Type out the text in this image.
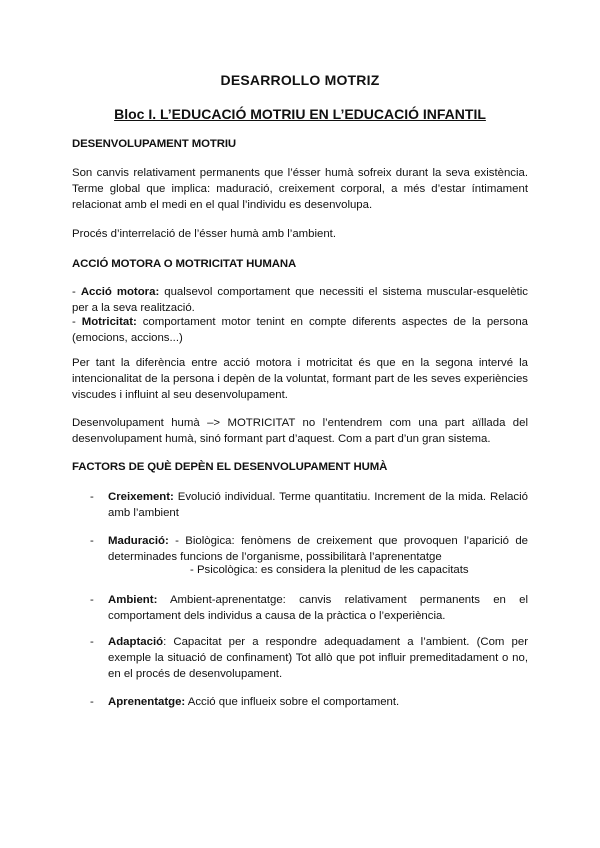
DESARROLLO MOTRIZ
Bloc I. L’EDUCACIÓ MOTRIU EN L’EDUCACIÓ INFANTIL
DESENVOLUPAMENT MOTRIU
Son canvis relativament permanents que l’ésser humà sofreix durant la seva existència. Terme global que implica: maduració, creixement corporal, a més d’estar íntimament relacionat amb el medi en el qual l’individu es desenvolupa.
Procés d’interrelació de l’ésser humà amb l’ambient.
ACCIÓ MOTORA O MOTRICITAT HUMANA
- Acció motora: qualsevol comportament que necessiti el sistema muscular-esquelètic per a la seva realització.
- Motricitat: comportament motor tenint en compte diferents aspectes de la persona (emocions, accions...)
Per tant la diferència entre acció motora i motricitat és que en la segona intervé la intencionalitat de la persona i depèn de la voluntat, formant part de les seves experiències viscudes i influint al seu desenvolupament.
Desenvolupament humà –> MOTRICITAT no l’entendrem com una part aïllada del desenvolupament humà, sinó formant part d’aquest. Com a part d’un gran sistema.
FACTORS DE QUÈ DEPÈN EL DESENVOLUPAMENT HUMÀ
- Creixement: Evolució individual. Terme quantitatiu. Increment de la mida. Relació amb l’ambient
- Maduració: - Biològica: fenòmens de creixement que provoquen l’aparició de determinades funcions de l’organisme, possibilitarà l’aprenentatge
- Psicològica: es considera la plenitud de les capacitats
- Ambient: Ambient-aprenentatge: canvis relativament permanents en el comportament dels individus a causa de la pràctica o l’experiència.
- Adaptació: Capacitat per a respondre adequadament a l’ambient. (Com per exemple la situació de confinament) Tot allò que pot influir premeditadament o no, en el procés de desenvolupament.
- Aprenentatge: Acció que influeix sobre el comportament.
